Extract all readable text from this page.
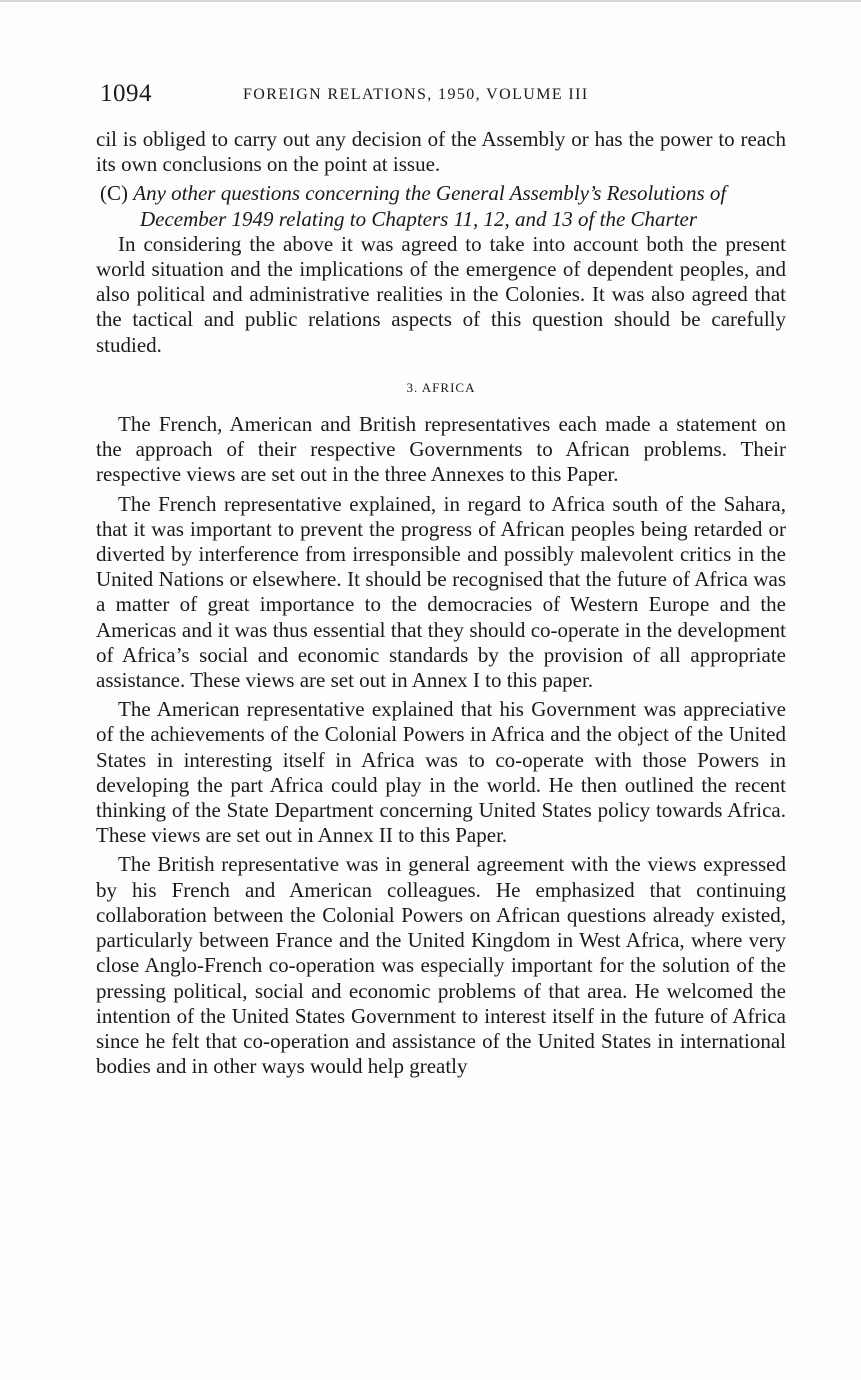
1094	FOREIGN RELATIONS, 1950, VOLUME III

cil is obliged to carry out any decision of the Assembly or has the power to reach its own conclusions on the point at issue.

(C) Any other questions concerning the General Assembly’s Resolutions of December 1949 relating to Chapters 11, 12, and 13 of the Charter

In considering the above it was agreed to take into account both the present world situation and the implications of the emergence of dependent peoples, and also political and administrative realities in the Colonies. It was also agreed that the tactical and public relations aspects of this question should be carefully studied.

3. AFRICA

The French, American and British representatives each made a statement on the approach of their respective Governments to African problems. Their respective views are set out in the three Annexes to this Paper.

The French representative explained, in regard to Africa south of the Sahara, that it was important to prevent the progress of African peoples being retarded or diverted by interference from irresponsible and possibly malevolent critics in the United Nations or elsewhere. It should be recognised that the future of Africa was a matter of great importance to the democracies of Western Europe and the Americas and it was thus essential that they should co-operate in the development of Africa’s social and economic standards by the provision of all appropriate assistance. These views are set out in Annex I to this paper.

The American representative explained that his Government was appreciative of the achievements of the Colonial Powers in Africa and the object of the United States in interesting itself in Africa was to co-operate with those Powers in developing the part Africa could play in the world. He then outlined the recent thinking of the State Department concerning United States policy towards Africa. These views are set out in Annex II to this Paper.

The British representative was in general agreement with the views expressed by his French and American colleagues. He emphasized that continuing collaboration between the Colonial Powers on African questions already existed, particularly between France and the United Kingdom in West Africa, where very close Anglo-French co-operation was especially important for the solution of the pressing political, social and economic problems of that area. He welcomed the intention of the United States Government to interest itself in the future of Africa since he felt that co-operation and assistance of the United States in international bodies and in other ways would help greatly
